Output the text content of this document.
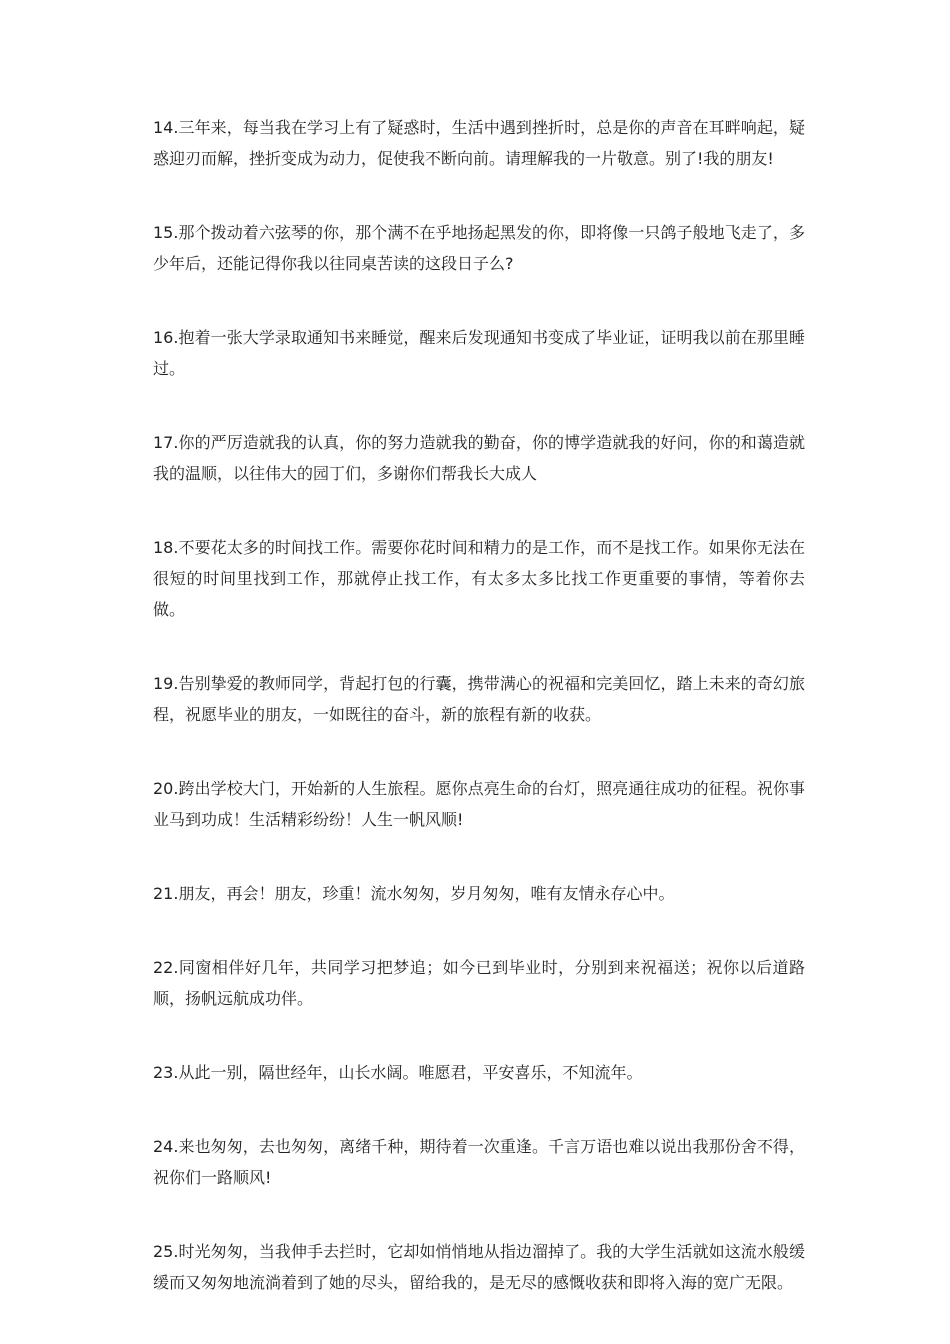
14.三年来，每当我在学习上有了疑惑时，生活中遇到挫折时，总是你的声音在耳畔响起，疑惑迎刃而解，挫折变成为动力，促使我不断向前。请理解我的一片敬意。别了!我的朋友!

15.那个拨动着六弦琴的你，那个满不在乎地扬起黑发的你，即将像一只鸽子般地飞走了，多少年后，还能记得你我以往同桌苦读的这段日子么?

16.抱着一张大学录取通知书来睡觉，醒来后发现通知书变成了毕业证，证明我以前在那里睡过。

17.你的严厉造就我的认真，你的努力造就我的勤奋，你的博学造就我的好问，你的和蔼造就我的温顺，以往伟大的园丁们，多谢你们帮我长大成人

18.不要花太多的时间找工作。需要你花时间和精力的是工作，而不是找工作。如果你无法在很短的时间里找到工作，那就停止找工作，有太多太多比找工作更重要的事情，等着你去做。

19.告别挚爱的教师同学，背起打包的行囊，携带满心的祝福和完美回忆，踏上未来的奇幻旅程，祝愿毕业的朋友，一如既往的奋斗，新的旅程有新的收获。

20.跨出学校大门，开始新的人生旅程。愿你点亮生命的台灯，照亮通往成功的征程。祝你事业马到功成！生活精彩纷纷！人生一帆风顺!

21.朋友，再会！朋友，珍重！流水匆匆，岁月匆匆，唯有友情永存心中。

22.同窗相伴好几年，共同学习把梦追；如今已到毕业时，分别到来祝福送；祝你以后道路顺，扬帆远航成功伴。

23.从此一别，隔世经年，山长水阔。唯愿君，平安喜乐，不知流年。

24.来也匆匆，去也匆匆，离绪千种，期待着一次重逢。千言万语也难以说出我那份舍不得，祝你们一路顺风!

25.时光匆匆，当我伸手去拦时，它却如悄悄地从指边溜掉了。我的大学生活就如这流水般缓缓而又匆匆地流淌着到了她的尽头，留给我的，是无尽的感慨收获和即将入海的宽广无限。
